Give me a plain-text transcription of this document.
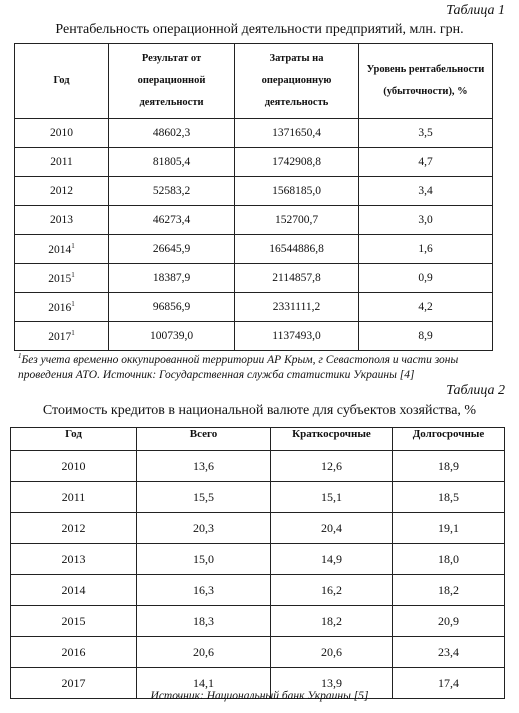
Таблица 1
Рентабельность операционной деятельности предприятий, млн. грн.
Год	Результат от операционной деятельности	Затраты на операционную деятельность	Уровень рентабельности (убыточности), %
2010	48602,3	1371650,4	3,5
2011	81805,4	1742908,8	4,7
2012	52583,2	1568185,0	3,4
2013	46273,4	152700,7	3,0
2014$^1$	26645,9	16544886,8	1,6
2015$^1$	18387,9	2114857,8	0,9
2016$^1$	96856,9	2331111,2	4,2
2017$^1$	100739,0	1137493,0	8,9
$^1$Без учета временно оккупированной территории АР Крым, г Севастополя и части зоны проведения АТО. Источник: Государственная служба статистики Украины [4]
Таблица 2
Стоимость кредитов в национальной валюте для субъектов хозяйства, %
Год	Всего	Краткосрочные	Долгосрочные
2010	13,6	12,6	18,9
2011	15,5	15,1	18,5
2012	20,3	20,4	19,1
2013	15,0	14,9	18,0
2014	16,3	16,2	18,2
2015	18,3	18,2	20,9
2016	20,6	20,6	23,4
2017	14,1	13,9	17,4
Источник: Национальный банк Украины [5]
